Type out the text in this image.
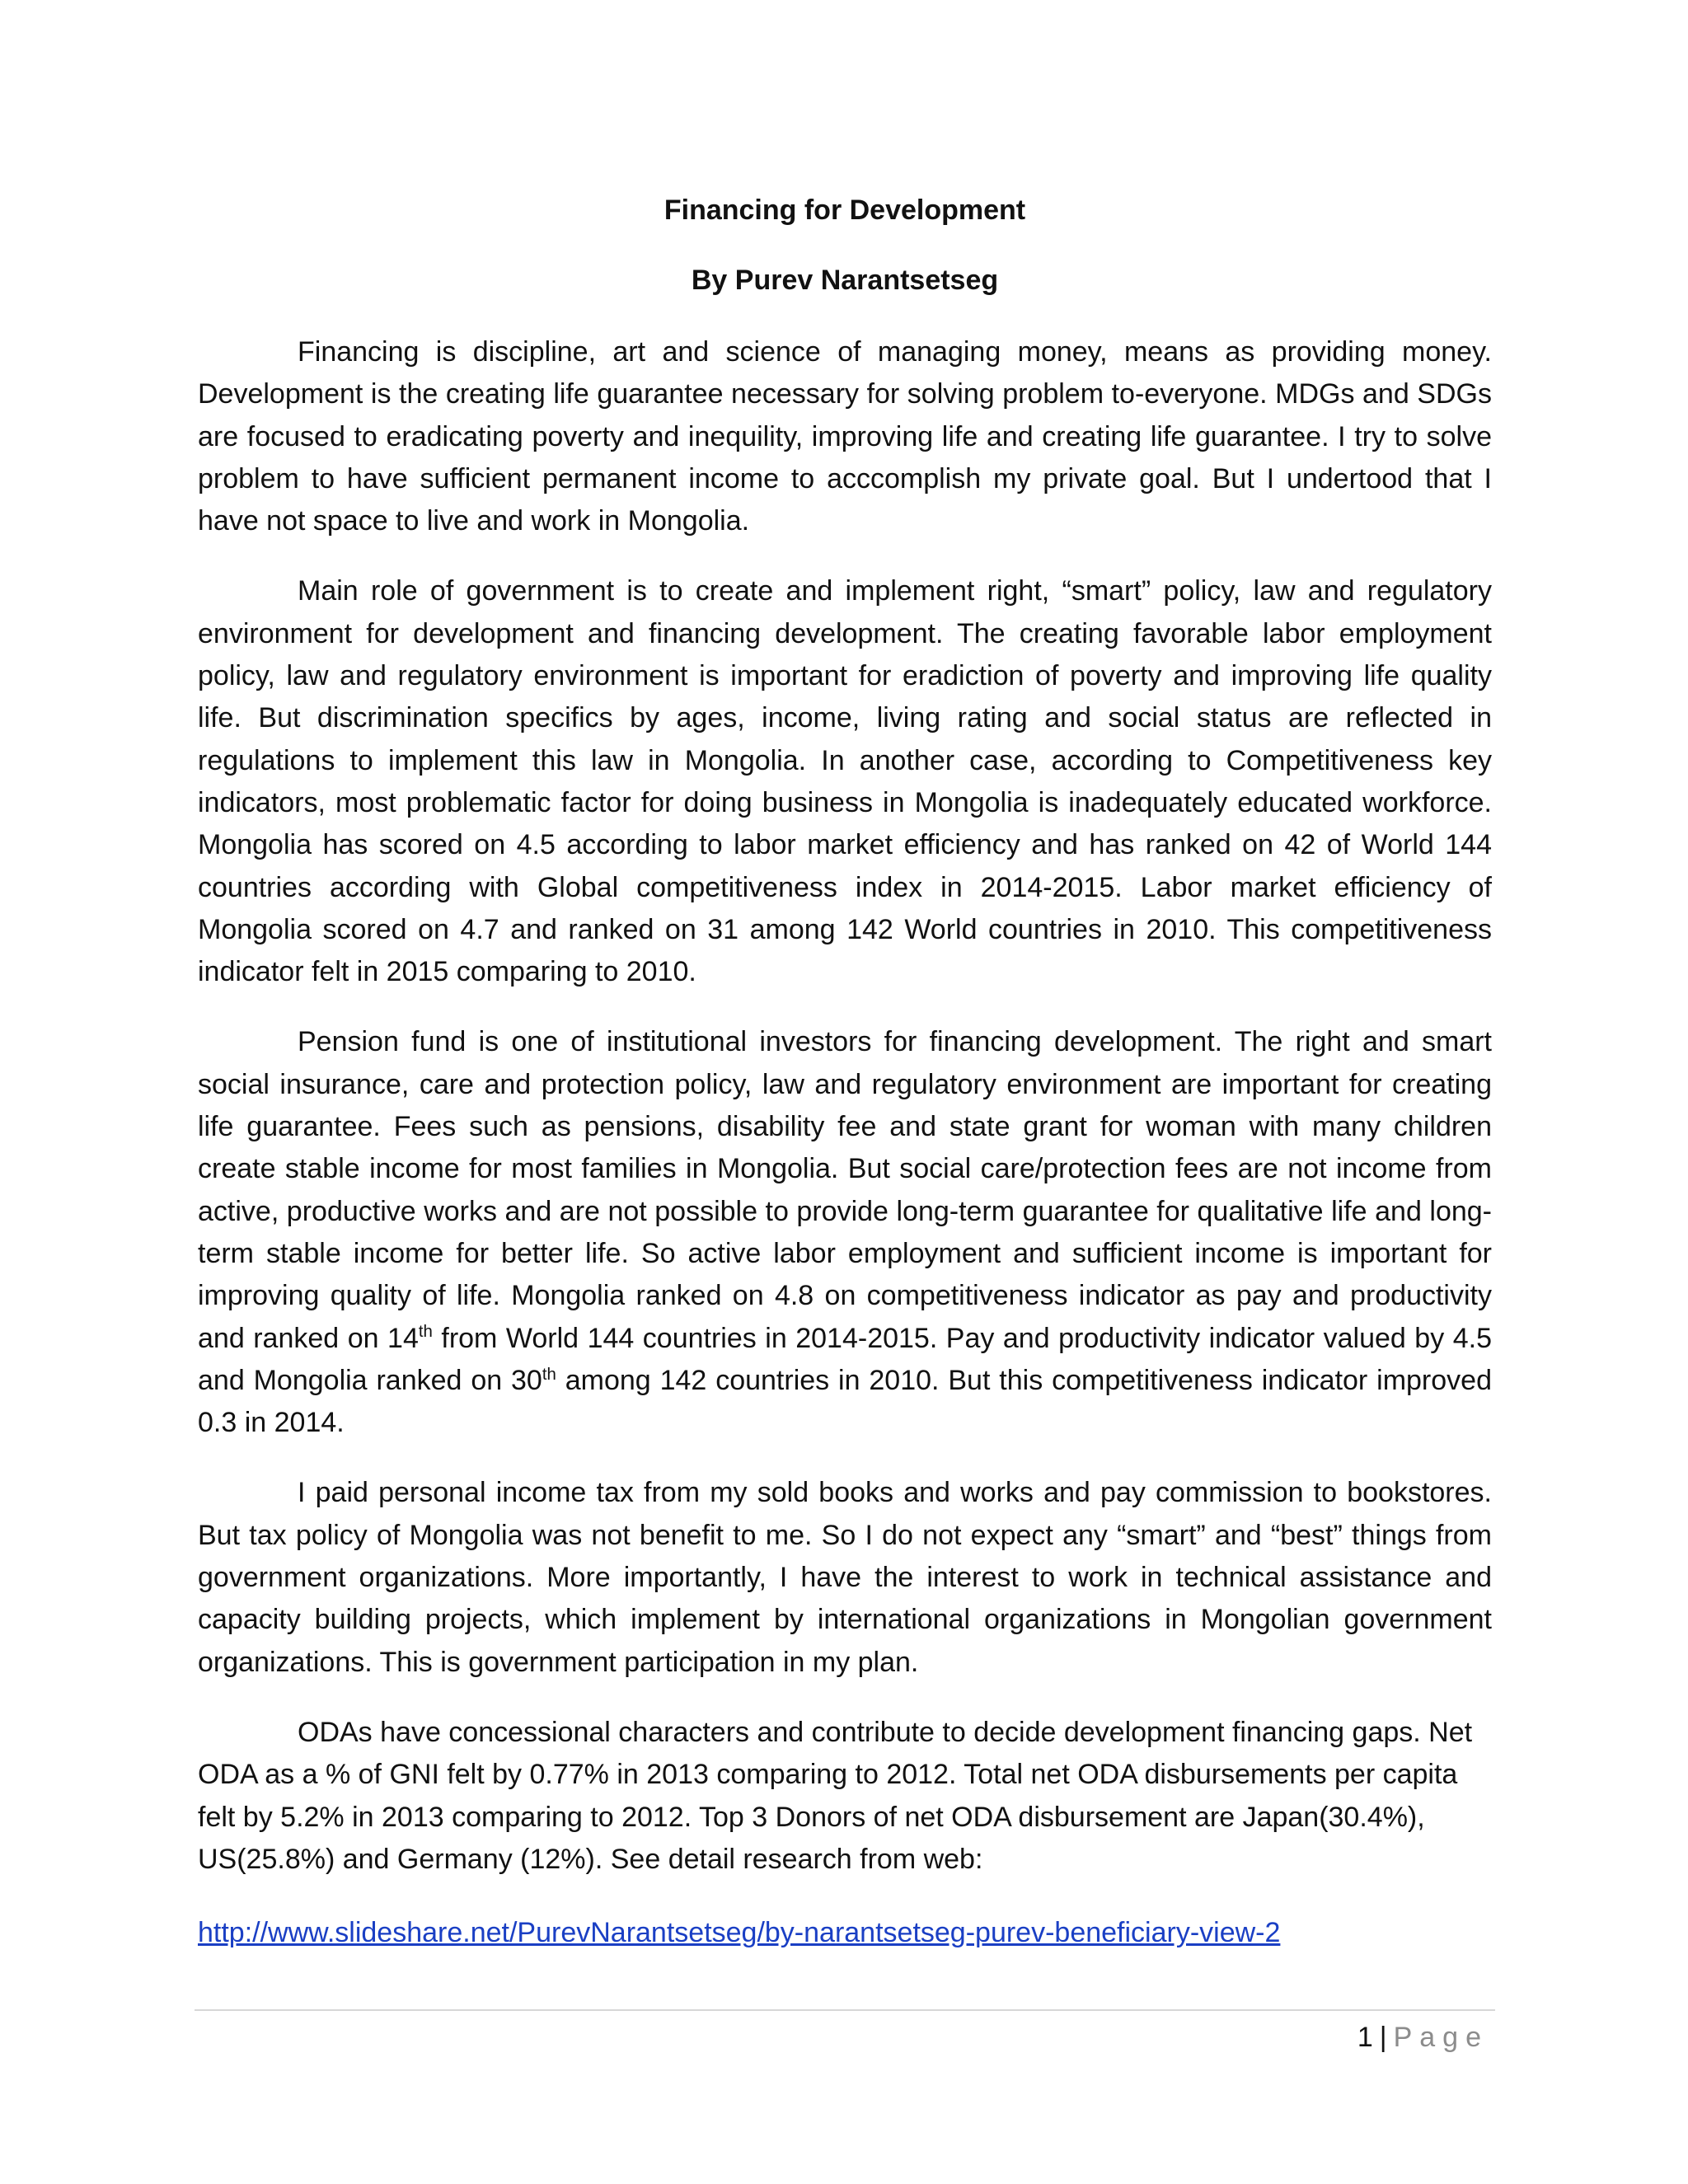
Financing for Development
By Purev Narantsetseg

Financing is discipline, art and science of managing money, means as providing money. Development is the creating life guarantee necessary for solving problem to-everyone. MDGs and SDGs are focused to eradicating poverty and inequility, improving life and creating life guarantee. I try to solve problem to have sufficient permanent income to acccomplish my private goal. But I undertood that I have not space to live and work in Mongolia.

Main role of government is to create and implement right, “smart” policy, law and regulatory environment for development and financing development. The creating favorable labor employment policy, law and regulatory environment is important for eradiction of poverty and improving life quality life. But discrimination specifics by ages, income, living rating and social status are reflected in regulations to implement this law in Mongolia. In another case, according to Competitiveness key indicators, most problematic factor for doing business in Mongolia is inadequately educated workforce. Mongolia has scored on 4.5 according to labor market efficiency and has ranked on 42 of World 144 countries according with Global competitiveness index in 2014-2015. Labor market efficiency of Mongolia scored on 4.7 and ranked on 31 among 142 World countries in 2010. This competitiveness indicator felt in 2015 comparing to 2010.

Pension fund is one of institutional investors for financing development. The right and smart social insurance, care and protection policy, law and regulatory environment are important for creating life guarantee. Fees such as pensions, disability fee and state grant for woman with many children create stable income for most families in Mongolia. But social care/protection fees are not income from active, productive works and are not possible to provide long-term guarantee for qualitative life and long-term stable income for better life. So active labor employment and sufficient income is important for improving quality of life. Mongolia ranked on 4.8 on competitiveness indicator as pay and productivity and ranked on 14th from World 144 countries in 2014-2015. Pay and productivity indicator valued by 4.5 and Mongolia ranked on 30th among 142 countries in 2010. But this competitiveness indicator improved 0.3 in 2014.

I paid personal income tax from my sold books and works and pay commission to bookstores. But tax policy of Mongolia was not benefit to me. So I do not expect any “smart” and “best” things from government organizations. More importantly, I have the interest to work in technical assistance and capacity building projects, which implement by international organizations in Mongolian government organizations. This is government participation in my plan.

ODAs have concessional characters and contribute to decide development financing gaps. Net ODA as a % of GNI felt by 0.77% in 2013 comparing to 2012. Total net ODA disbursements per capita felt by 5.2% in 2013 comparing to 2012. Top 3 Donors of net ODA disbursement are Japan(30.4%), US(25.8%) and Germany (12%). See detail research from web:

http://www.slideshare.net/PurevNarantsetseg/by-narantsetseg-purev-beneficiary-view-2
1 | Page
